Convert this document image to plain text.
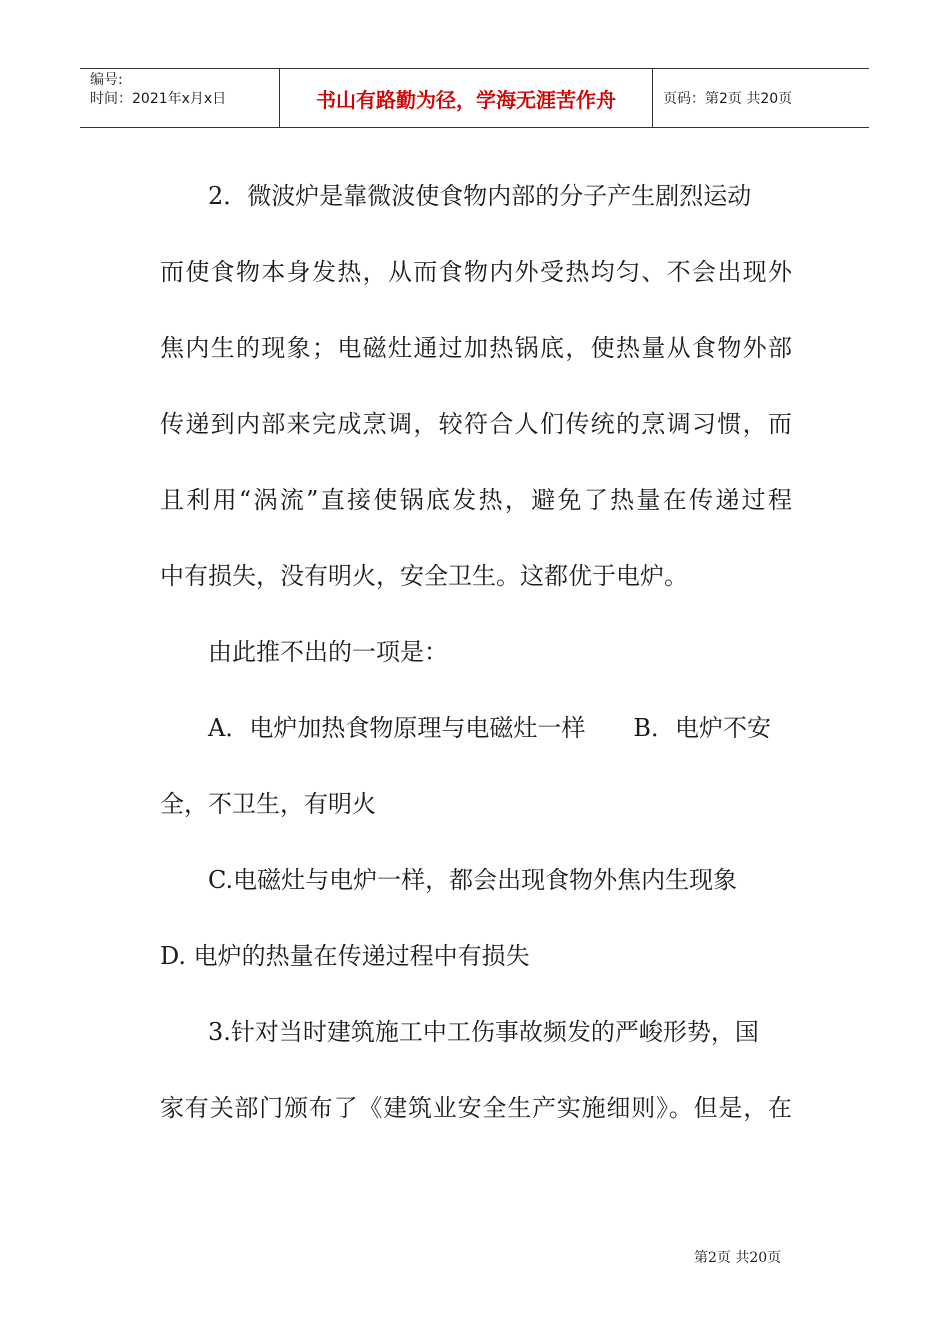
编号:
时间：2021年x月x日	书山有路勤为径，学海无涯苦作舟	页码：第2页 共20页

2．微波炉是靠微波使食物内部的分子产生剧烈运动

而使食物本身发热，从而食物内外受热均匀、不会出现外

焦内生的现象；电磁灶通过加热锅底，使热量从食物外部

传递到内部来完成烹调，较符合人们传统的烹调习惯，而

且利用“涡流”直接使锅底发热，避免了热量在传递过程

中有损失，没有明火，安全卫生。这都优于电炉。

由此推不出的一项是：

A．电炉加热食物原理与电磁灶一样　　B．电炉不安

全，不卫生，有明火

C.电磁灶与电炉一样，都会出现食物外焦内生现象

D. 电炉的热量在传递过程中有损失

3.针对当时建筑施工中工伤事故频发的严峻形势，国

家有关部门颁布了《建筑业安全生产实施细则》。但是，在

第2页 共20页
